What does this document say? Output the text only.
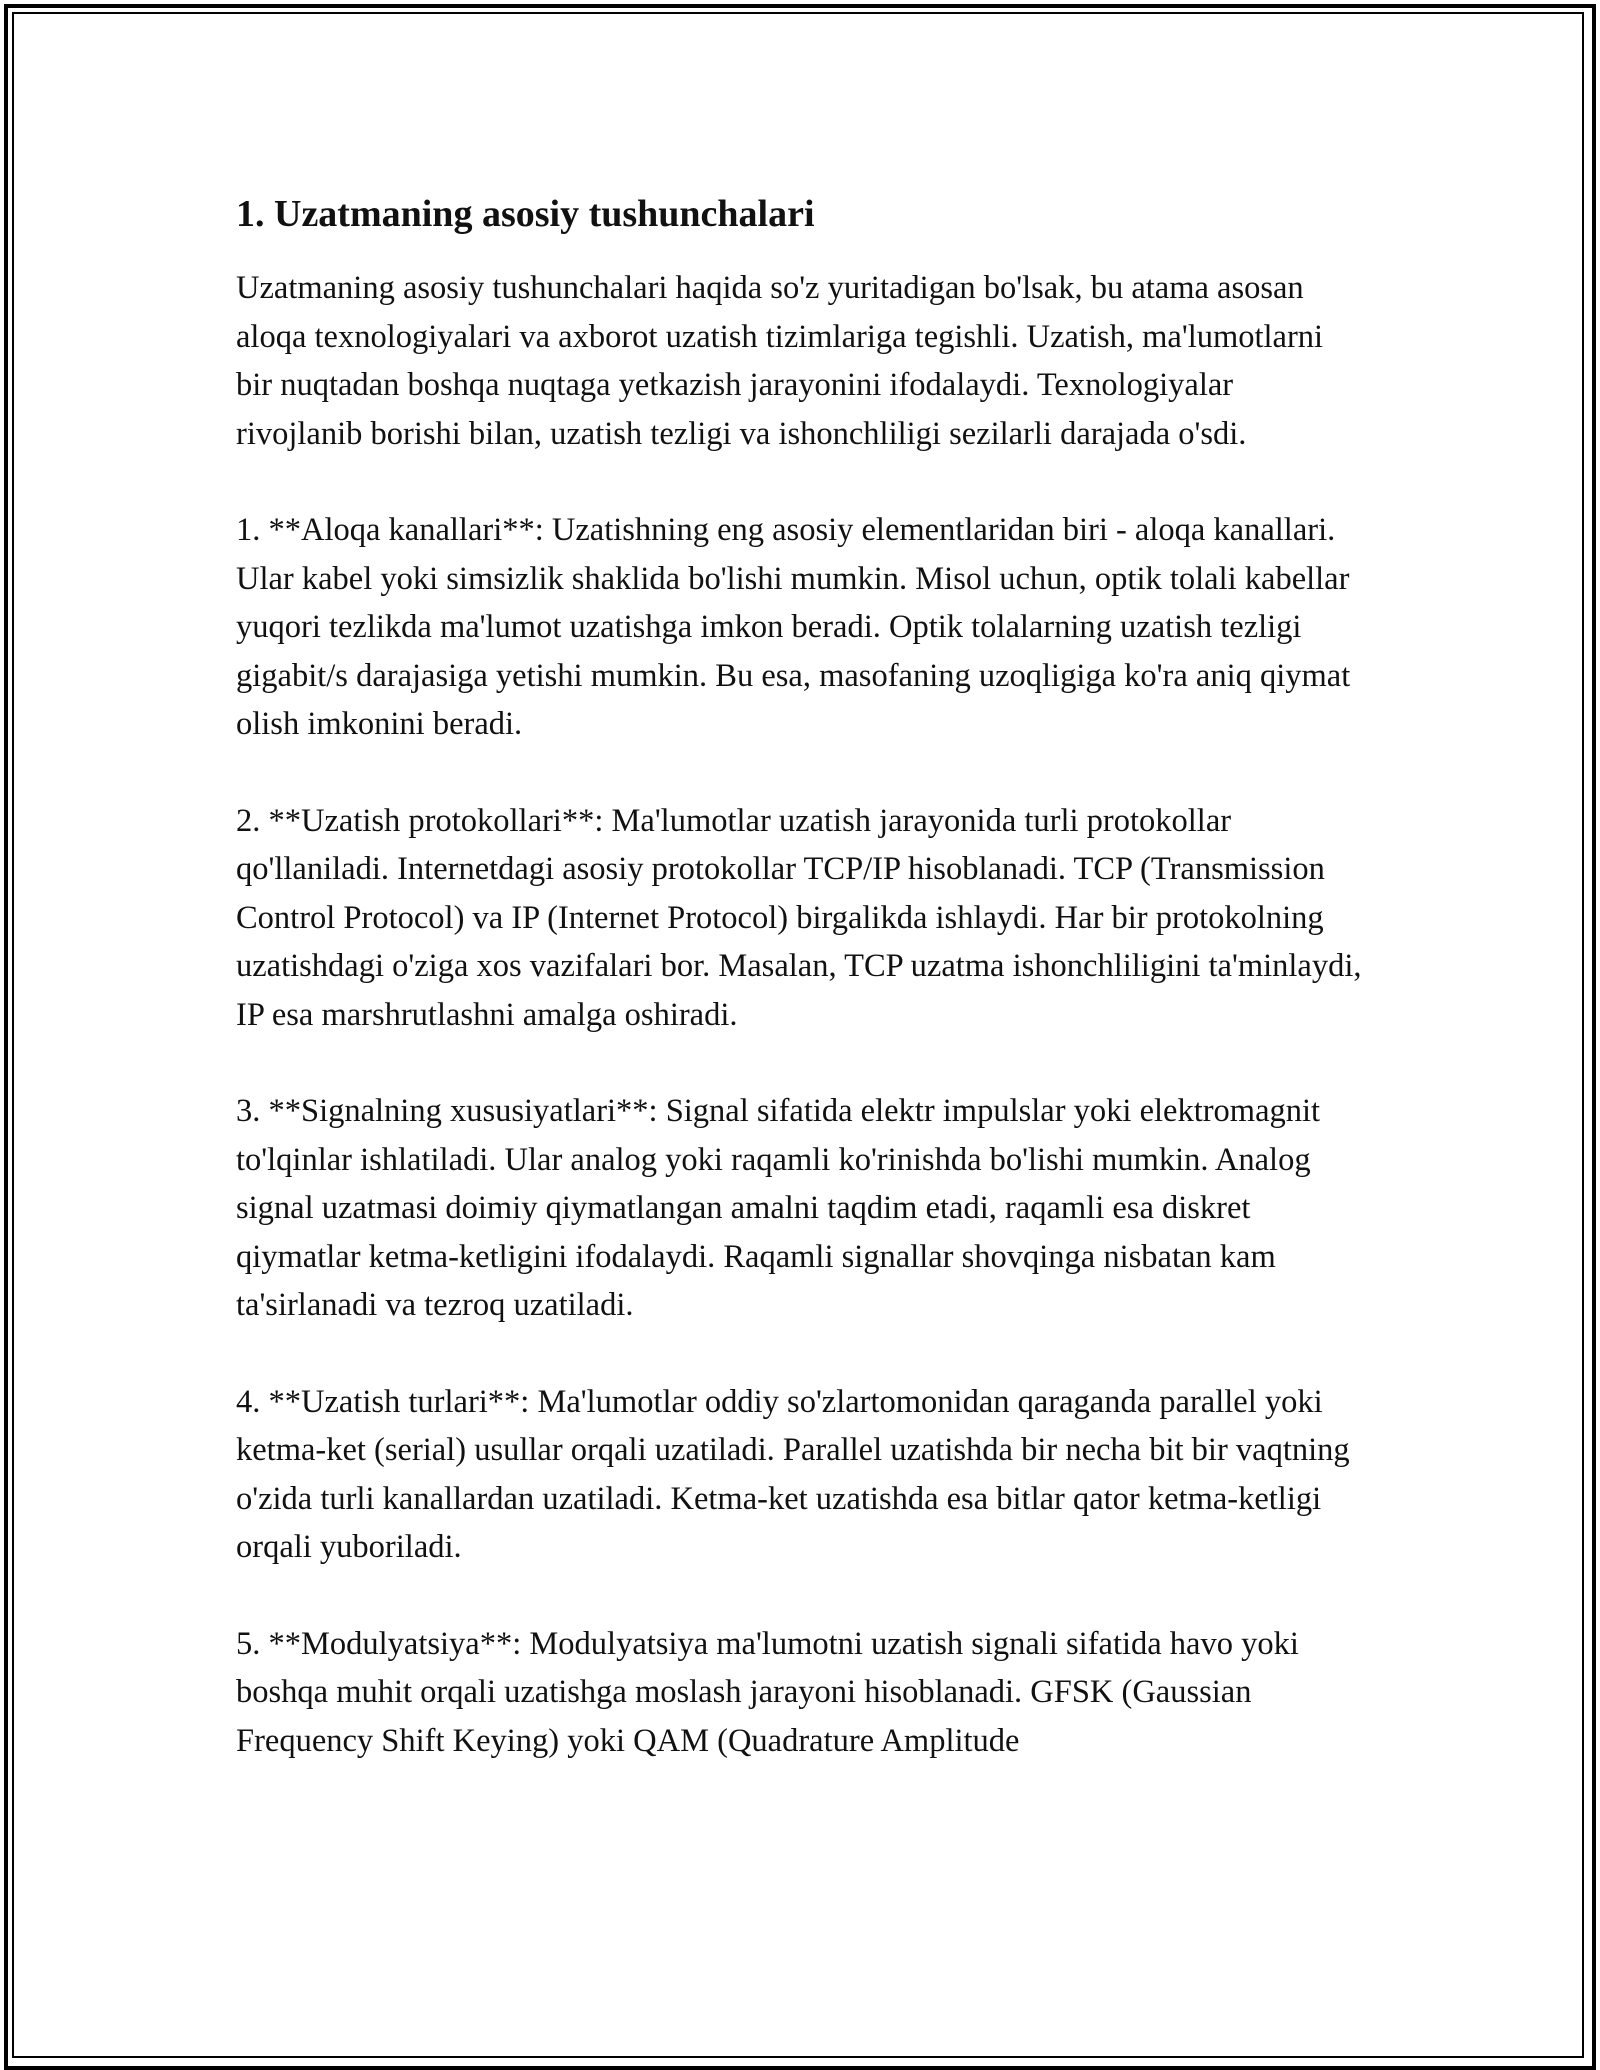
1. Uzatmaning asosiy tushunchalari

Uzatmaning asosiy tushunchalari haqida so'z yuritadigan bo'lsak, bu atama asosan aloqa texnologiyalari va axborot uzatish tizimlariga tegishli. Uzatish, ma'lumotlarni bir nuqtadan boshqa nuqtaga yetkazish jarayonini ifodalaydi. Texnologiyalar rivojlanib borishi bilan, uzatish tezligi va ishonchliligi sezilarli darajada o'sdi.

1. **Aloqa kanallari**: Uzatishning eng asosiy elementlaridan biri - aloqa kanallari. Ular kabel yoki simsizlik shaklida bo'lishi mumkin. Misol uchun, optik tolali kabellar yuqori tezlikda ma'lumot uzatishga imkon beradi. Optik tolalarning uzatish tezligi gigabit/s darajasiga yetishi mumkin. Bu esa, masofaning uzoqligiga ko'ra aniq qiymat olish imkonini beradi.

2. **Uzatish protokollari**: Ma'lumotlar uzatish jarayonida turli protokollar qo'llaniladi. Internetdagi asosiy protokollar TCP/IP hisoblanadi. TCP (Transmission Control Protocol) va IP (Internet Protocol) birgalikda ishlaydi. Har bir protokolning uzatishdagi o'ziga xos vazifalari bor. Masalan, TCP uzatma ishonchliligini ta'minlaydi, IP esa marshrutlashni amalga oshiradi.

3. **Signalning xususiyatlari**: Signal sifatida elektr impulslar yoki elektromagnit to'lqinlar ishlatiladi. Ular analog yoki raqamli ko'rinishda bo'lishi mumkin. Analog signal uzatmasi doimiy qiymatlangan amalni taqdim etadi, raqamli esa diskret qiymatlar ketma-ketligini ifodalaydi. Raqamli signallar shovqinga nisbatan kam ta'sirlanadi va tezroq uzatiladi.

4. **Uzatish turlari**: Ma'lumotlar oddiy so'zlartomonidan qaraganda parallel yoki ketma-ket (serial) usullar orqali uzatiladi. Parallel uzatishda bir necha bit bir vaqtning o'zida turli kanallardan uzatiladi. Ketma-ket uzatishda esa bitlar qator ketma-ketligi orqali yuboriladi.

5. **Modulyatsiya**: Modulyatsiya ma'lumotni uzatish signali sifatida havo yoki boshqa muhit orqali uzatishga moslash jarayoni hisoblanadi. GFSK (Gaussian Frequency Shift Keying) yoki QAM (Quadrature Amplitude
